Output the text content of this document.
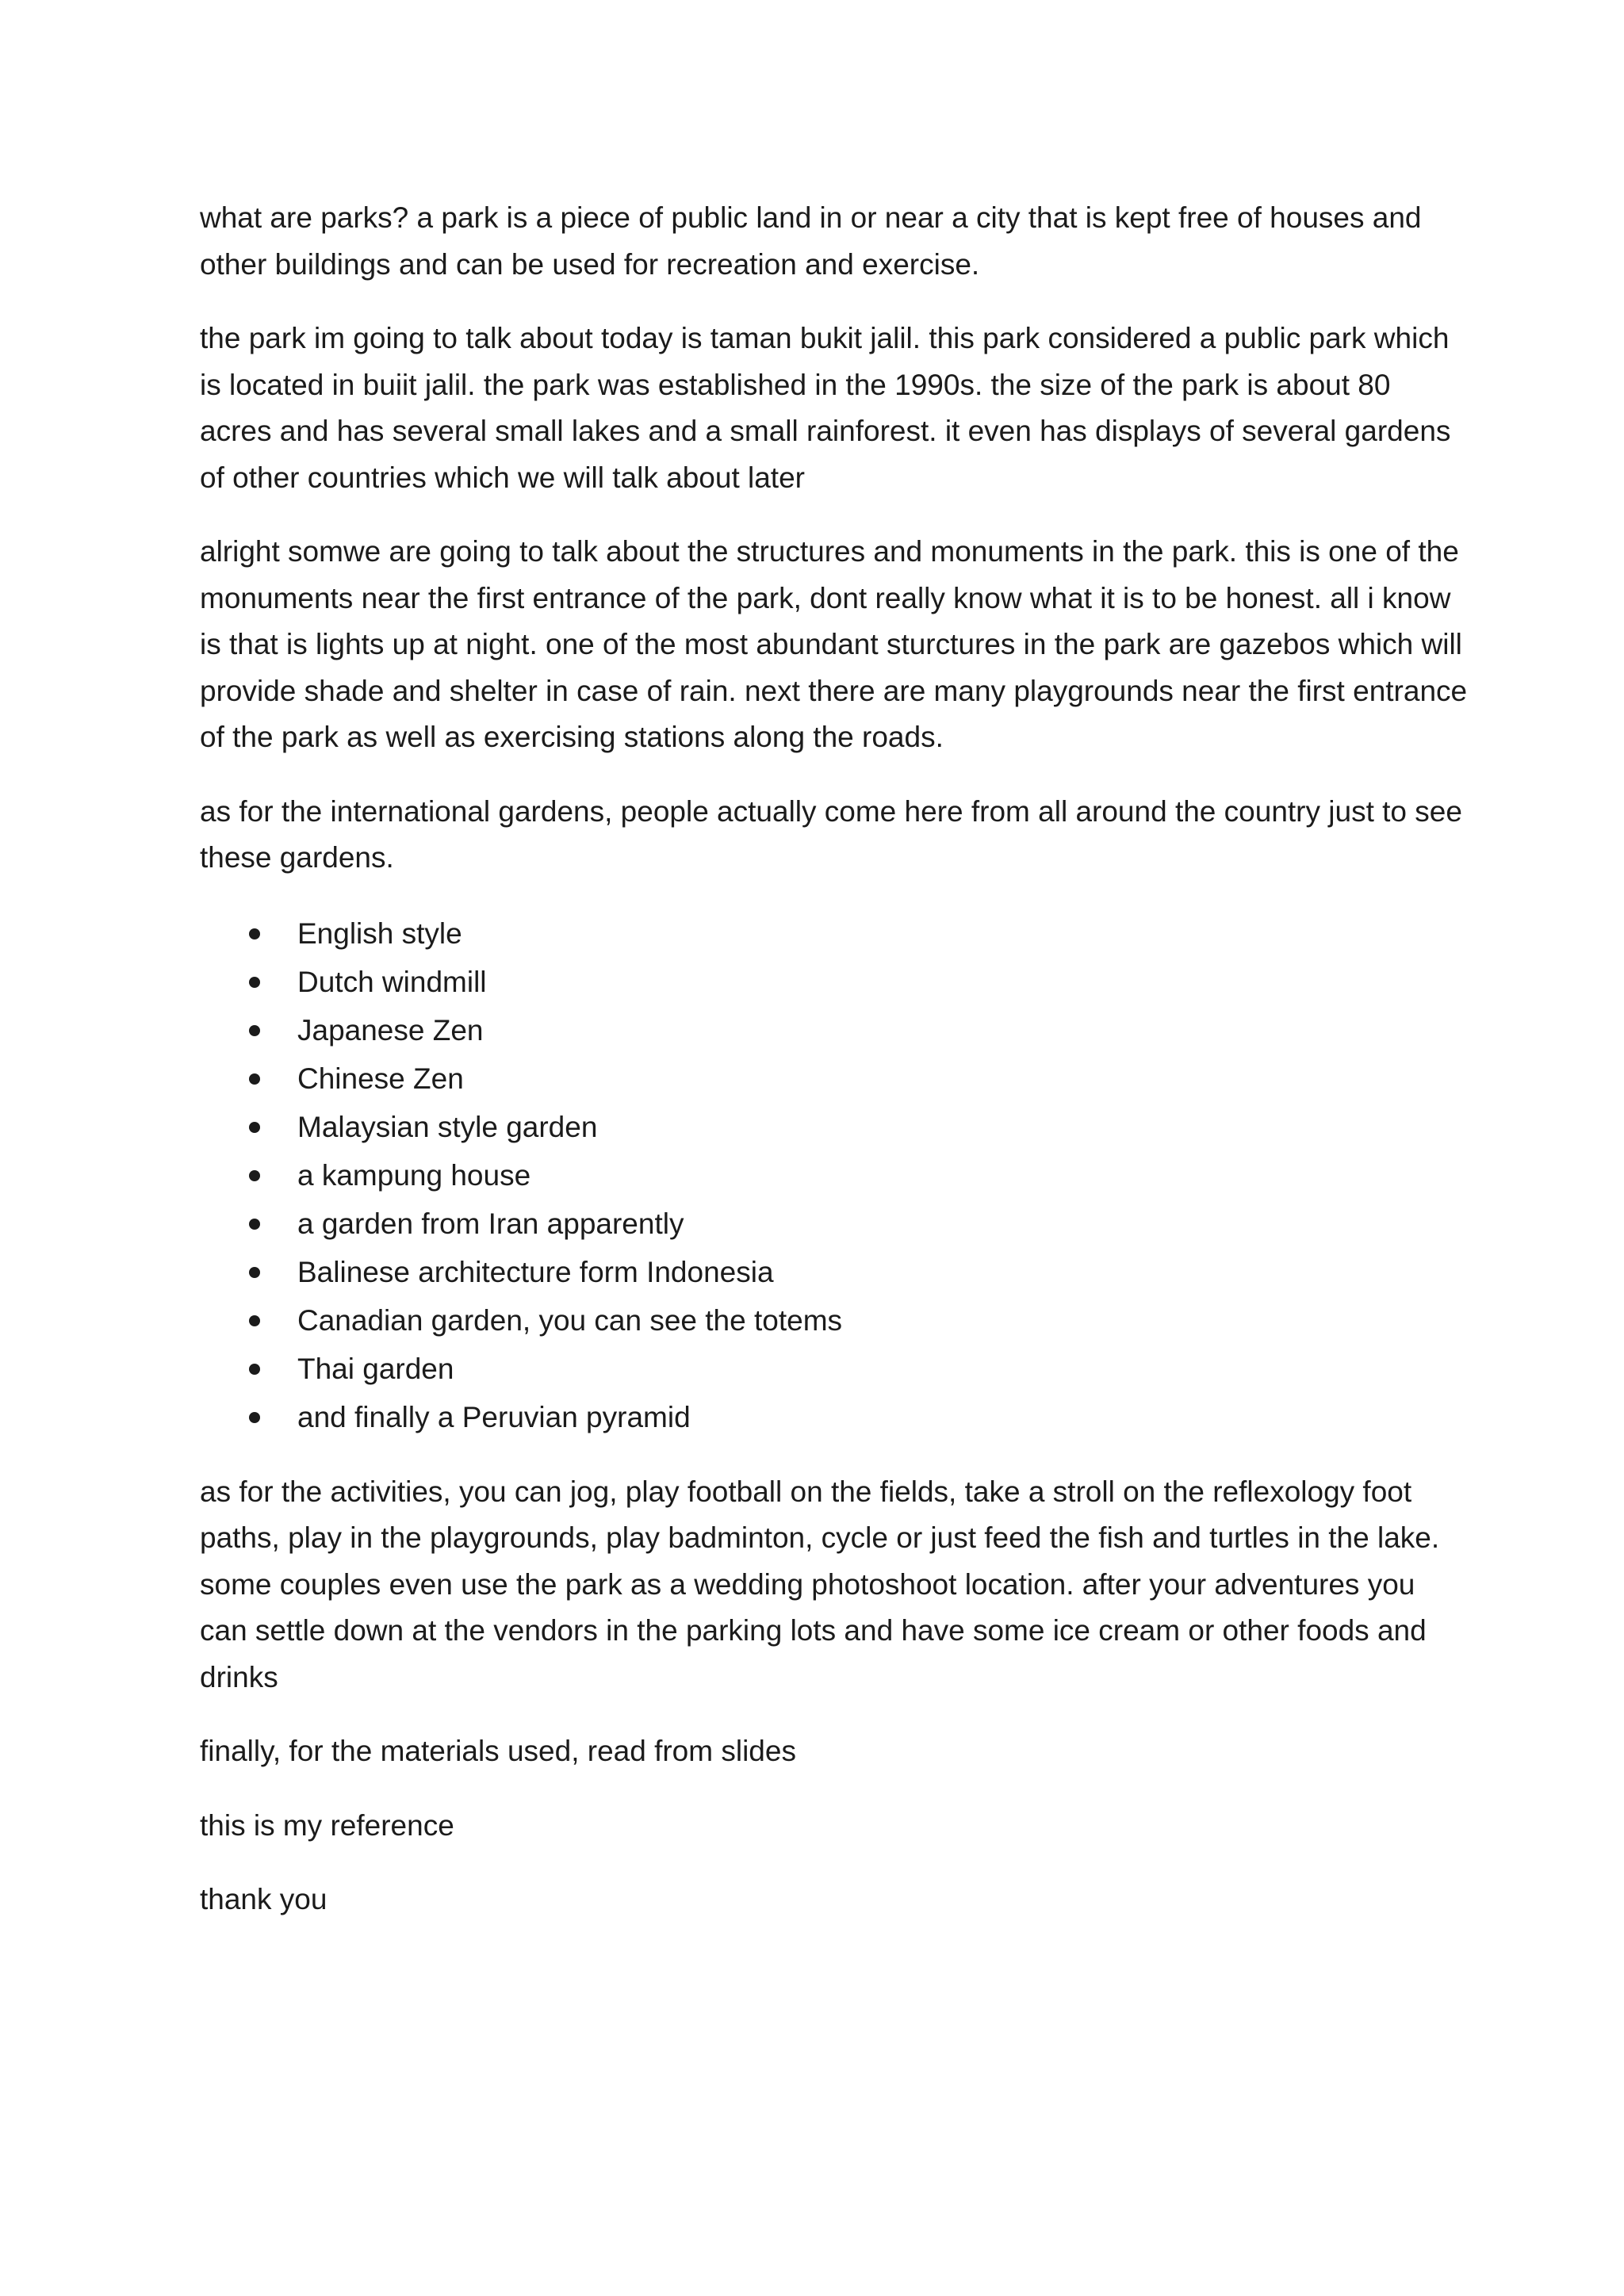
what are parks? a park is a piece of public land in or near a city that is kept free of houses and other buildings and can be used for recreation and exercise.

the park im going to talk about today is taman bukit jalil. this park considered a public park which is located in buiit jalil. the park was established in the 1990s. the size of the park is about 80 acres and has several small lakes and a small rainforest. it even has displays of several gardens of other countries which we will talk about later

alright somwe are going to talk about the structures and monuments in the park. this is one of the monuments near the first entrance of the park, dont really know what it is to be honest. all i know is that is lights up at night. one of the most abundant sturctures in the park are gazebos which will provide shade and shelter in case of rain. next there are many playgrounds near the first entrance of the park as well as exercising stations along the roads.

as for the international gardens, people actually come here from all around the country just to see these gardens.

English style
Dutch windmill
Japanese Zen
Chinese Zen
Malaysian style garden
a kampung house
a garden from Iran apparently
Balinese architecture form Indonesia
Canadian garden, you can see the totems
Thai garden
and finally a Peruvian pyramid

as for the activities, you can jog, play football on the fields, take a stroll on the reflexology foot paths, play in the playgrounds, play badminton, cycle or just feed the fish and turtles in the lake. some couples even use the park as a wedding photoshoot location. after your adventures you can settle down at the vendors in the parking lots and have some ice cream or other foods and drinks

finally, for the materials used, read from slides

this is my reference

thank you
